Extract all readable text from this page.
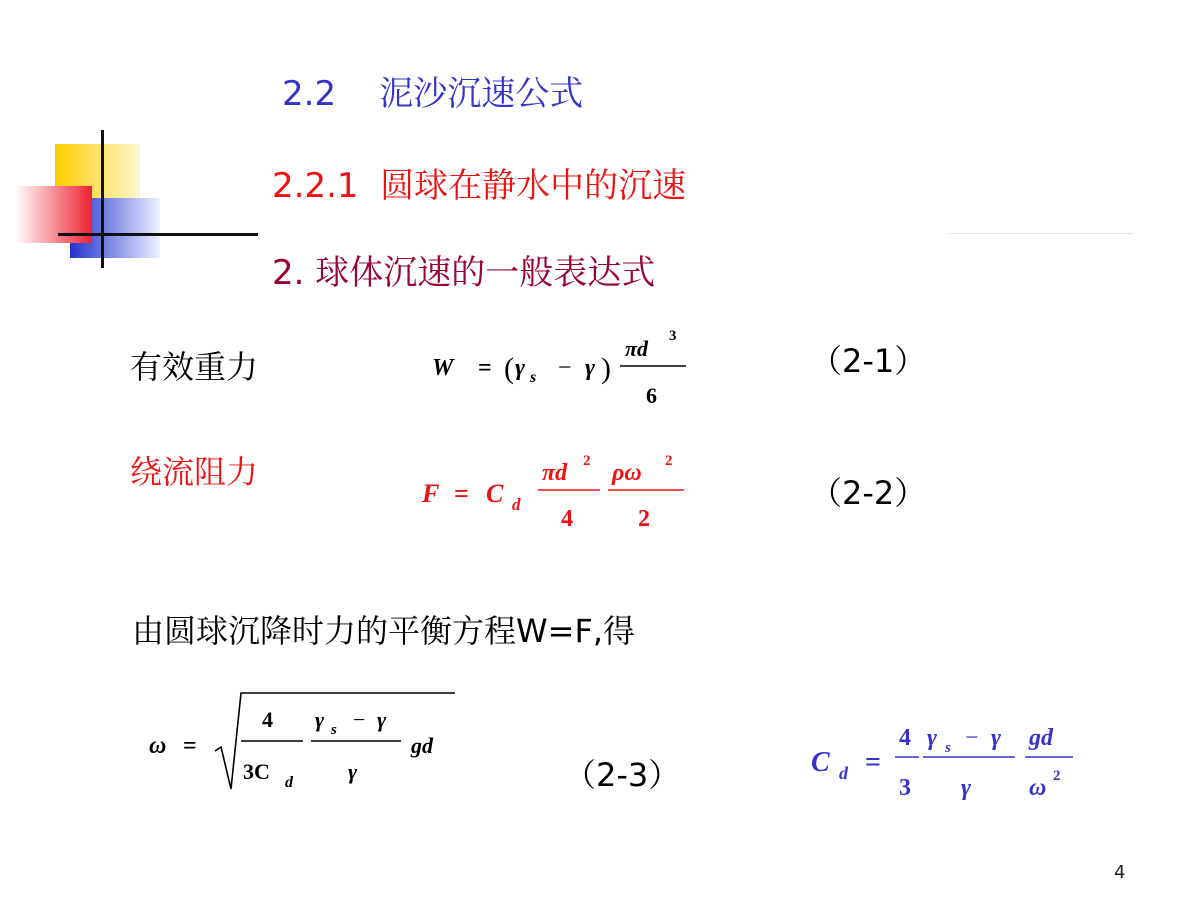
2.2    泥沙沉速公式
2.2.1  圆球在静水中的沉速
2. 球体沉速的一般表达式
有效重力
绕流阻力
由圆球沉降时力的平衡方程W=F,得
（2-1）
（2-2）
（2-3）
W = ( γ s − γ )
πd 3
6
F = C d
πd 2
4
ρω 2
2
ω =
4
3C d
γ s − γ
γ
gd
C d =
4
3
γ s − γ
γ
gd
ω 2
4
